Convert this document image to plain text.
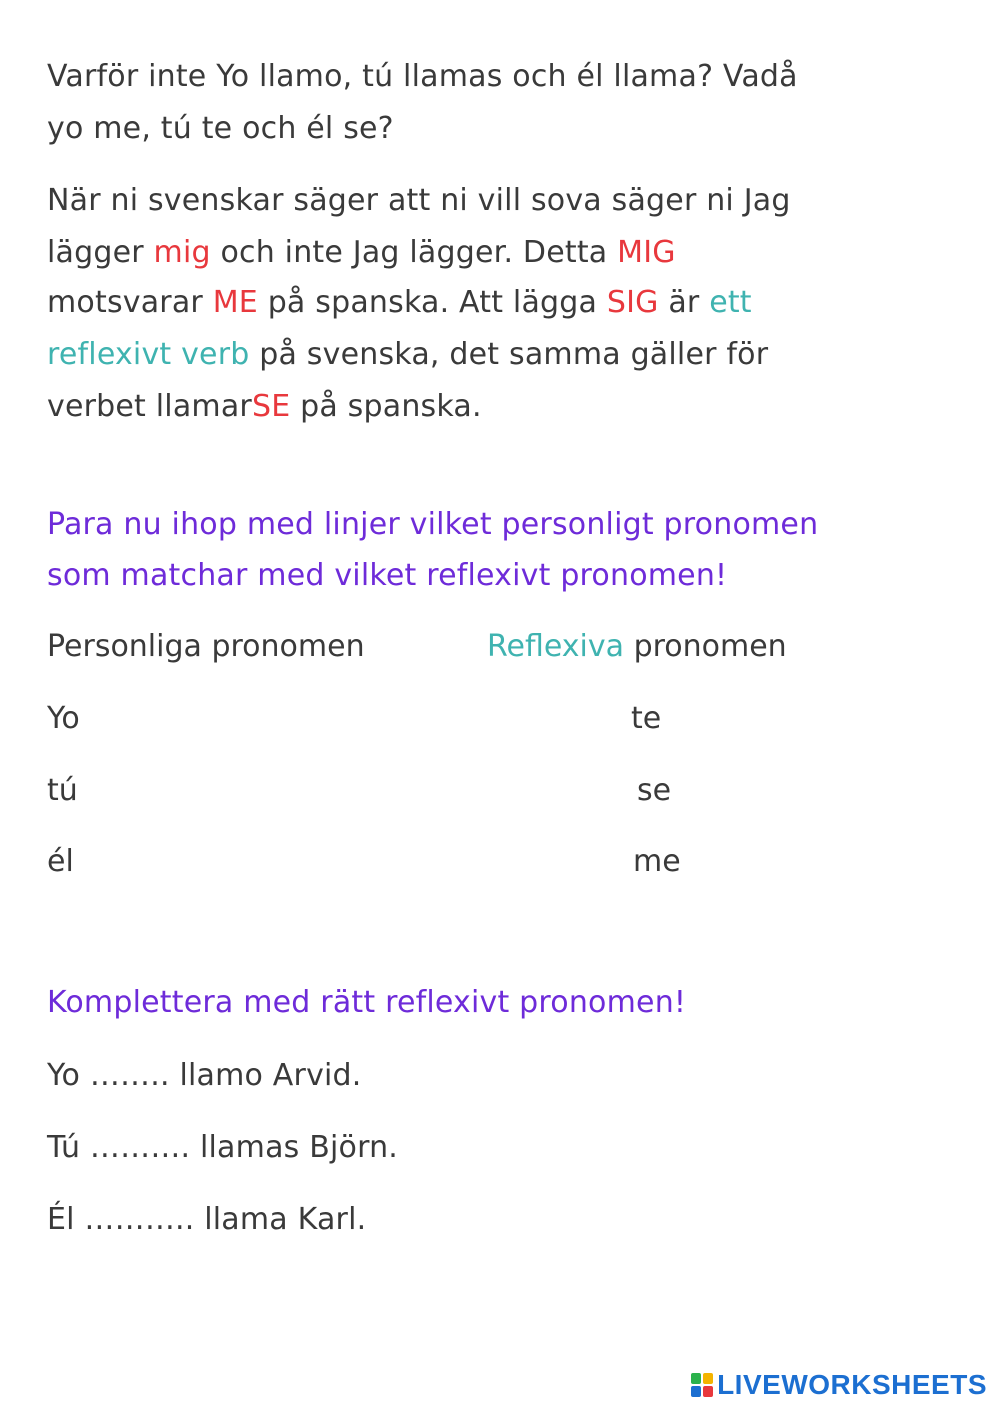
Varför inte Yo llamo, tú llamas och él llama? Vadå
yo me, tú te och él se?
När ni svenskar säger att ni vill sova säger ni Jag
lägger mig och inte Jag lägger. Detta MIG
motsvarar ME på spanska. Att lägga SIG är ett
reflexivt verb på svenska, det samma gäller för
verbet llamarSE på spanska.
Para nu ihop med linjer vilket personligt pronomen
som matchar med vilket reflexivt pronomen!
Personliga pronomen	Reflexiva pronomen
Yo
tú
él
te
se
me
Komplettera med rätt reflexivt pronomen!
Yo …….. llamo Arvid.
Tú ………. llamas Björn.
Él ……….. llama Karl.
LIVEWORKSHEETS
